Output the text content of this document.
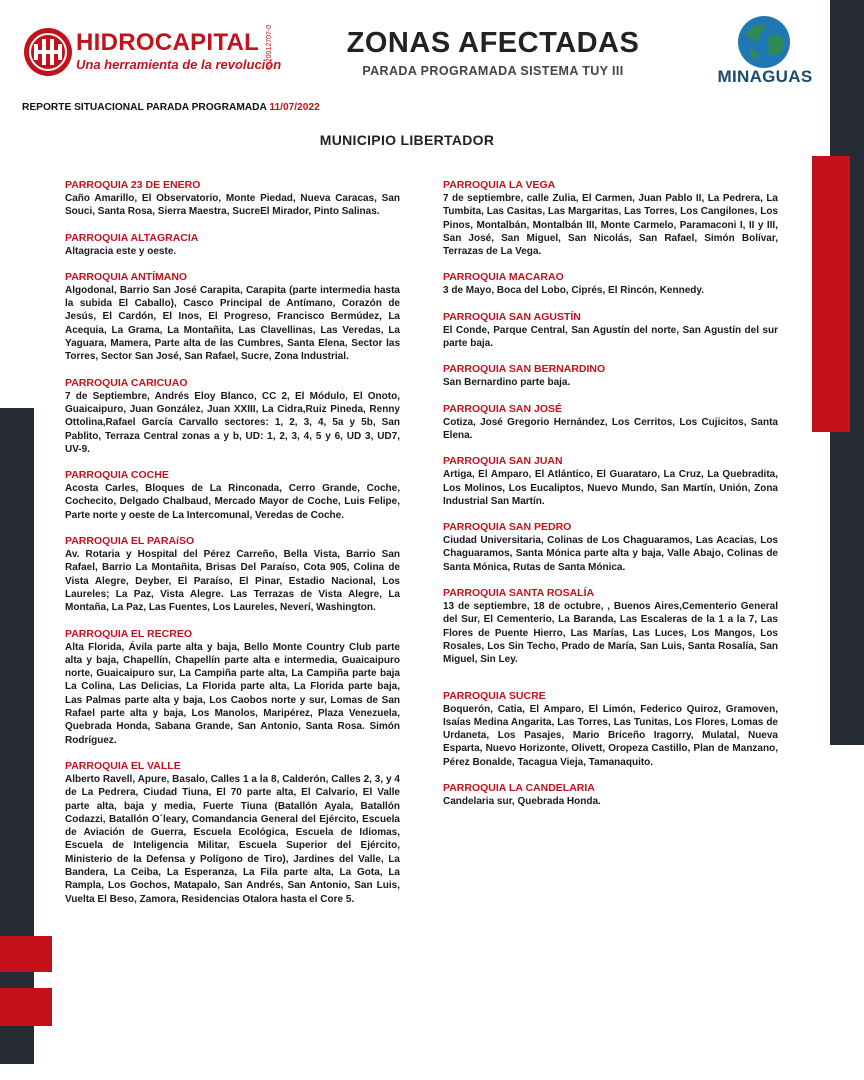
HIDROCAPITAL
Una herramienta de la revolución
G-20012707-0	ZONAS AFECTADAS
PARADA PROGRAMADA SISTEMA TUY III	MINAGUAS
REPORTE SITUACIONAL PARADA PROGRAMADA 11/07/2022
MUNICIPIO LIBERTADOR
PARROQUIA 23 DE ENERO
Caño Amarillo, El Observatorio, Monte Piedad, Nueva Caracas, San Souci, Santa Rosa, Sierra Maestra, SucreEl Mirador, Pinto Salinas.
PARROQUIA ALTAGRACIA
Altagracia este y oeste.
PARROQUIA ANTÍMANO
Algodonal, Barrio San José Carapita, Carapita (parte intermedia hasta la subida El Caballo), Casco Principal de Antímano, Corazón de Jesús, El Cardón, El Inos, El Progreso, Francisco Bermúdez, La Acequia, La Grama, La Montañita, Las Clavellinas, Las Veredas, La Yaguara, Mamera, Parte alta de las Cumbres, Santa Elena, Sector las Torres, Sector San José, San Rafael, Sucre, Zona Industrial.
PARROQUIA CARICUAO
7 de Septiembre, Andrés Eloy Blanco, CC 2, El Módulo, El Onoto, Guaicaipuro, Juan González, Juan XXIII, La Cidra,Ruiz Pineda, Renny Ottolina,Rafael García Carvallo sectores: 1, 2, 3, 4, 5a y 5b, San Pablito, Terraza Central zonas a y b, UD: 1, 2, 3, 4, 5 y 6, UD 3, UD7, UV-9.
PARROQUIA COCHE
Acosta Carles, Bloques de La Rinconada, Cerro Grande, Coche, Cochecito, Delgado Chalbaud, Mercado Mayor de Coche, Luis Felipe, Parte norte y oeste de La Intercomunal, Veredas de Coche.
PARROQUIA EL PARAíSO
Av. Rotaria y Hospital del Pérez Carreño, Bella Vista, Barrio San Rafael, Barrio La Montañita, Brisas Del Paraíso, Cota 905, Colina de Vista Alegre, Deyber, El Paraíso, El Pinar, Estadio Nacional, Los Laureles; La Paz, Vista Alegre. Las Terrazas de Vista Alegre, La Montaña, La Paz, Las Fuentes, Los Laureles, Neverí, Washington.
PARROQUIA EL RECREO
Alta Florida, Ávila parte alta y baja, Bello Monte Country Club parte alta y baja, Chapellín, Chapellín parte alta e intermedia, Guaicaipuro norte, Guaicaipuro sur, La Campiña parte alta, La Campiña parte baja La Colina, Las Delicias, La Florida parte alta, La Florida parte baja, Las Palmas parte alta y baja, Los Caobos norte y sur, Lomas de San Rafael parte alta y baja, Los Manolos, Maripérez, Plaza Venezuela, Quebrada Honda, Sabana Grande, San Antonio, Santa Rosa. Simón Rodríguez.
PARROQUIA EL VALLE
Alberto Ravell, Apure, Basalo, Calles 1 a la 8, Calderón, Calles 2, 3, y 4 de La Pedrera, Ciudad Tiuna, El 70 parte alta, El Calvario, El Valle parte alta, baja y media, Fuerte Tiuna (Batallón Ayala, Batallón Codazzi, Batallón O´leary, Comandancia General del Ejército, Escuela de Aviación de Guerra, Escuela Ecológica, Escuela de Idiomas, Escuela de Inteligencia Militar, Escuela Superior del Ejército, Ministerio de la Defensa y Polígono de Tiro), Jardines del Valle, La Bandera, La Ceiba, La Esperanza, La Fila parte alta, La Gota, La Rampla, Los Gochos, Matapalo, San Andrés, San Antonio, San Luis, Vuelta El Beso, Zamora, Residencias Otalora hasta el Core 5.
PARROQUIA LA VEGA
7 de septiembre, calle Zulia, El Carmen, Juan Pablo II, La Pedrera, La Tumbita, Las Casitas, Las Margaritas, Las Torres, Los Cangilones, Los Pinos, Montalbán, Montalbán III, Monte Carmelo, Paramaconi I, II y III, San José, San Miguel, San Nicolás, San Rafael, Simón Bolívar, Terrazas de La Vega.
PARROQUIA MACARAO
3 de Mayo, Boca del Lobo, Ciprés, El Rincón, Kennedy.
PARROQUIA SAN AGUSTÍN
El Conde, Parque Central, San Agustín del norte, San Agustín del sur parte baja.
PARROQUIA SAN BERNARDINO
San Bernardino parte baja.
PARROQUIA SAN JOSÉ
Cotiza, José Gregorio Hernández, Los Cerritos, Los Cujicitos, Santa Elena.
PARROQUIA SAN JUAN
Artiga, El Amparo, El Atlántico, El Guarataro, La Cruz, La Quebradita, Los Molinos, Los Eucaliptos, Nuevo Mundo, San Martín, Unión, Zona Industrial San Martín.
PARROQUIA SAN PEDRO
Ciudad Universitaria, Colinas de Los Chaguaramos, Las Acacias, Los Chaguaramos, Santa Mónica parte alta y baja, Valle Abajo, Colinas de Santa Mónica, Rutas de Santa Mónica.
PARROQUIA SANTA ROSALÍA
13 de septiembre, 18 de octubre, , Buenos Aires,Cementerio General del Sur, El Cementerio, La Baranda, Las Escaleras de la 1 a la 7, Las Flores de Puente Hierro, Las Marías, Las Luces, Los Mangos, Los Rosales, Los Sin Techo, Prado de María, San Luis, Santa Rosalía, San Miguel, Sin Ley.
PARROQUIA SUCRE
Boquerón, Catia, El Amparo, El Limón, Federico Quiroz, Gramoven, Isaías Medina Angarita, Las Torres, Las Tunitas, Los Flores, Lomas de Urdaneta, Los Pasajes, Mario Briceño Iragorry, Mulatal, Nueva Esparta, Nuevo Horizonte, Olivett, Oropeza Castillo, Plan de Manzano, Pérez Bonalde, Tacagua Vieja, Tamanaquito.
PARROQUIA LA CANDELARIA
Candelaria sur, Quebrada Honda.
